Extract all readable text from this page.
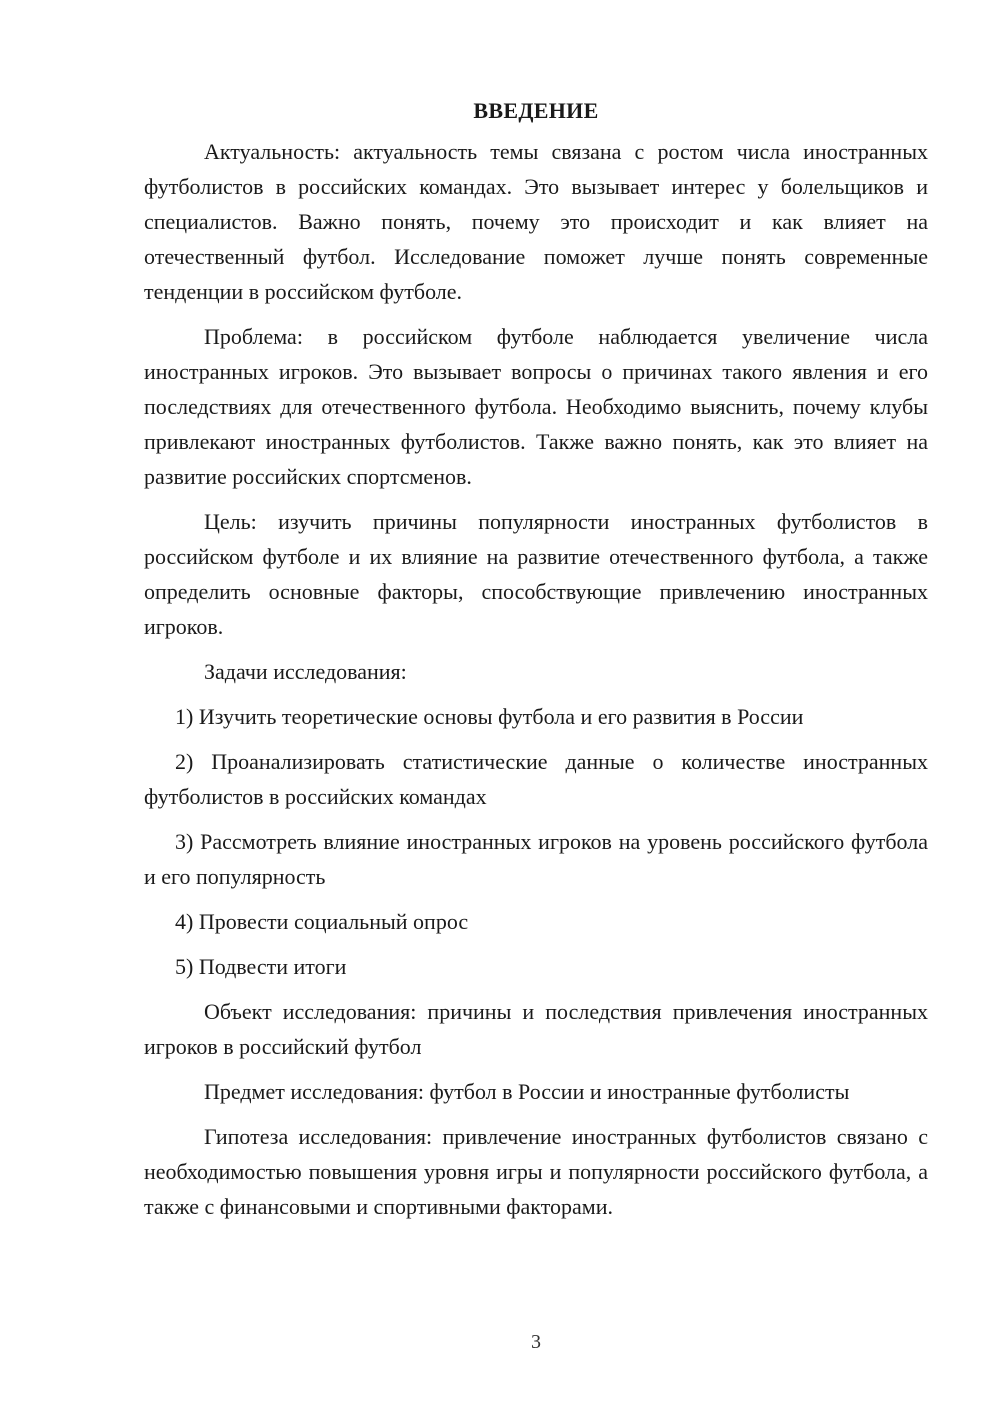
ВВЕДЕНИЕ

Актуальность: актуальность темы связана с ростом числа иностранных футболистов в российских командах. Это вызывает интерес у болельщиков и специалистов. Важно понять, почему это происходит и как влияет на отечественный футбол. Исследование поможет лучше понять современные тенденции в российском футболе.

Проблема: в российском футболе наблюдается увеличение числа иностранных игроков. Это вызывает вопросы о причинах такого явления и его последствиях для отечественного футбола. Необходимо выяснить, почему клубы привлекают иностранных футболистов. Также важно понять, как это влияет на развитие российских спортсменов.

Цель: изучить причины популярности иностранных футболистов в российском футболе и их влияние на развитие отечественного футбола, а также определить основные факторы, способствующие привлечению иностранных игроков.

Задачи исследования:

1) Изучить теоретические основы футбола и его развития в России

2) Проанализировать статистические данные о количестве иностранных футболистов в российских командах

3) Рассмотреть влияние иностранных игроков на уровень российского футбола и его популярность

4) Провести социальный опрос

5) Подвести итоги

Объект исследования: причины и последствия привлечения иностранных игроков в российский футбол

Предмет исследования: футбол в России и иностранные футболисты

Гипотеза исследования: привлечение иностранных футболистов связано с необходимостью повышения уровня игры и популярности российского футбола, а также с финансовыми и спортивными факторами.

3
